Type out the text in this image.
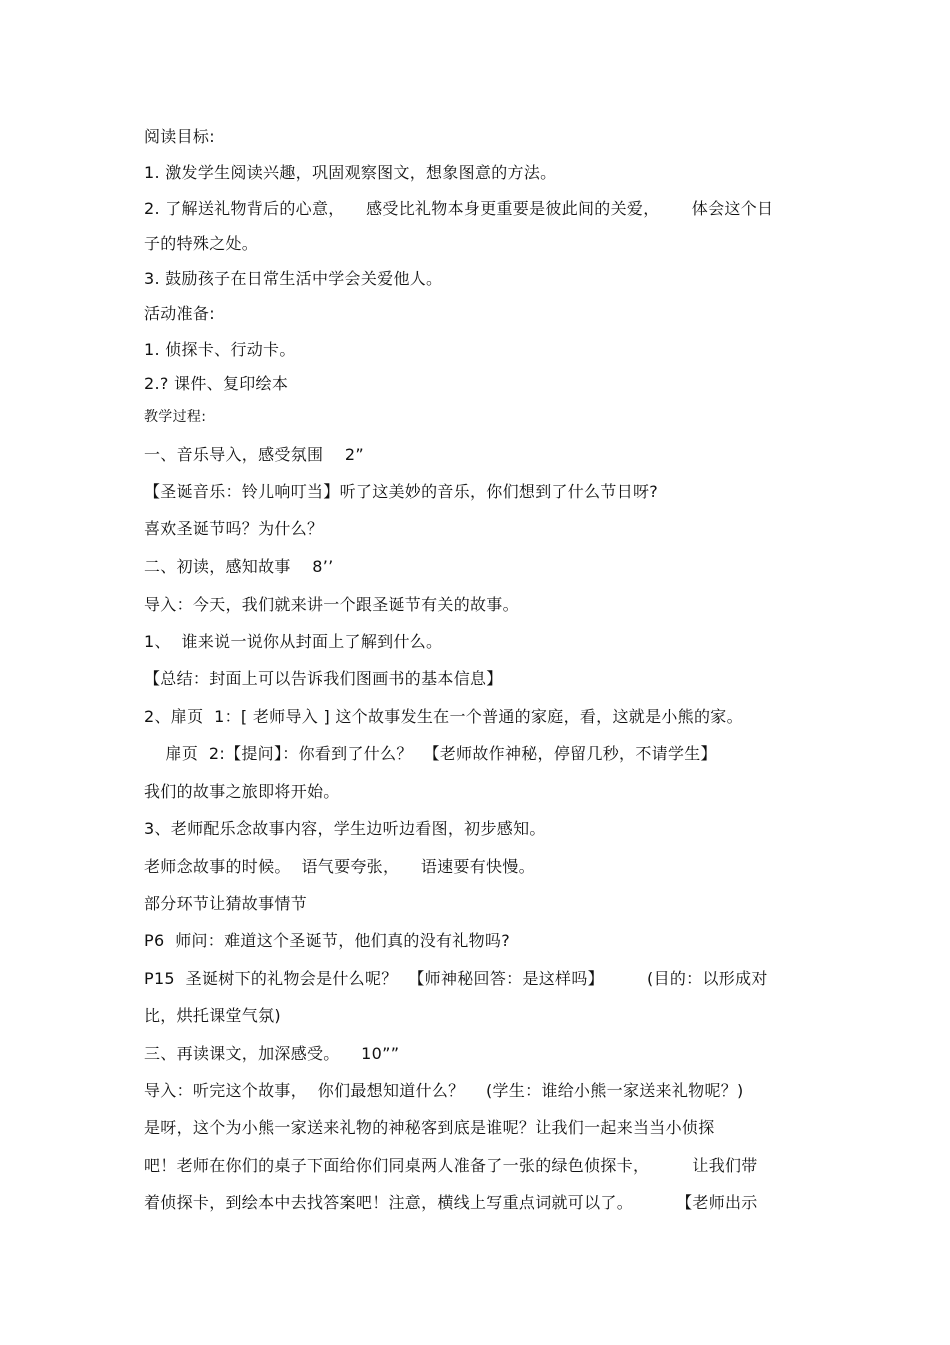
阅读目标:
1. 激发学生阅读兴趣，巩固观察图文，想象图意的方法。
2. 了解送礼物背后的心意，    感受比礼物本身更重要是彼此间的关爱，      体会这个日
子的特殊之处。
3. 鼓励孩子在日常生活中学会关爱他人。
活动准备:
1. 侦探卡、行动卡。
2.? 课件、复印绘本
教学过程:
一、音乐导入，感受氛围    2”
【圣诞音乐：铃儿响叮当】听了这美妙的音乐，你们想到了什么节日呀?
喜欢圣诞节吗？为什么？
二、初读，感知故事    8’’
导入：今天，我们就来讲一个跟圣诞节有关的故事。
1、  谁来说一说你从封面上了解到什么。
【总结：封面上可以告诉我们图画书的基本信息】
2、扉页  1：[ 老师导入 ] 这个故事发生在一个普通的家庭，看，这就是小熊的家。
扉页  2:【提问】：你看到了什么？  【老师故作神秘，停留几秒，不请学生】
我们的故事之旅即将开始。
3、老师配乐念故事内容，学生边听边看图，初步感知。
老师念故事的时候。  语气要夸张，    语速要有快慢。
部分环节让猜故事情节
P6  师问：难道这个圣诞节，他们真的没有礼物吗?
P15  圣诞树下的礼物会是什么呢？  【师神秘回答：是这样吗】        (目的：以形成对
比，烘托课堂气氛)
三、再读课文，加深感受。    10””
导入：听完这个故事，  你们最想知道什么？    (学生：谁给小熊一家送来礼物呢？)
是呀，这个为小熊一家送来礼物的神秘客到底是谁呢？让我们一起来当当小侦探
吧！老师在你们的桌子下面给你们同桌两人准备了一张的绿色侦探卡，        让我们带
着侦探卡，到绘本中去找答案吧！注意，横线上写重点词就可以了。        【老师出示
